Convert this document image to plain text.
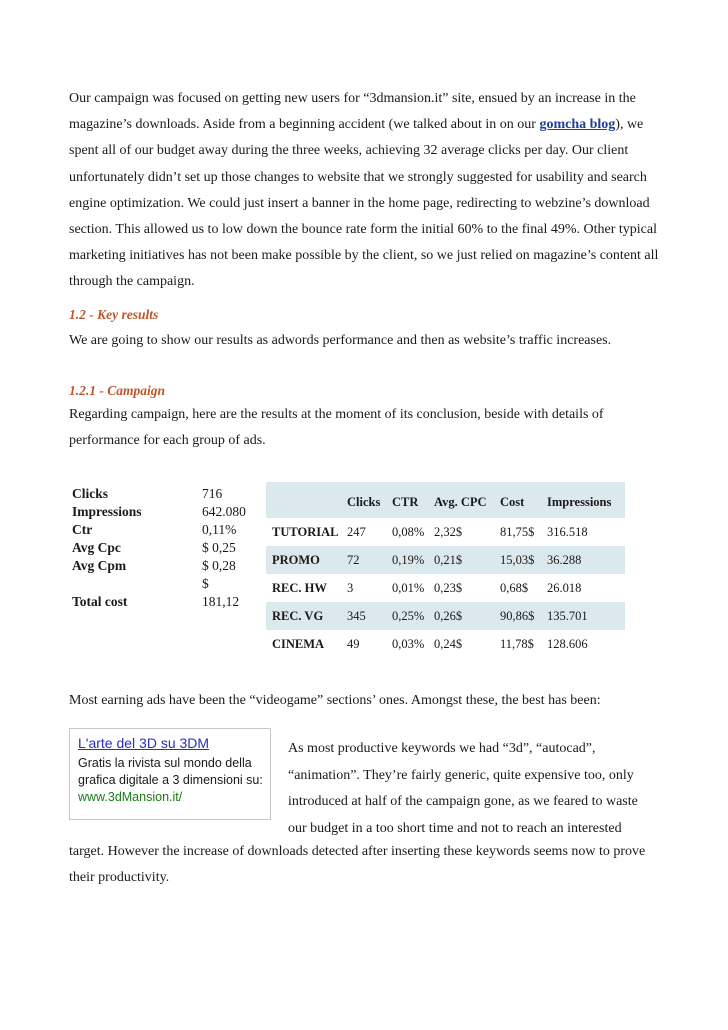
Our campaign was focused on getting new users for “3dmansion.it” site, ensued by an increase in the magazine’s downloads. Aside from a beginning accident (we talked about in on our gomcha blog), we spent all of our budget away during the three weeks, achieving 32 average clicks per day. Our client unfortunately didn’t set up those changes to website that we strongly suggested for usability and search engine optimization. We could just insert a banner in the home page, redirecting to webzine’s download section. This allowed us to low down the bounce rate form the initial 60% to the final 49%. Other typical marketing initiatives has not been make possible by the client, so we just relied on magazine’s content all through the campaign.
1.2 - Key results
We are going to show our results as adwords performance and then as website’s traffic increases.
1.2.1 - Campaign
Regarding campaign, here are the results at the moment of its conclusion, beside with details of performance for each group of ads.
Clicks	716
Impressions	642.080
Ctr	0,11%
Avg Cpc	$ 0,25
Avg Cpm	$ 0,28
$
Total cost	181,12
Clicks CTR Avg. CPC Cost Impressions
TUTORIAL 247 0,08% 2,32$	81,75$ 316.518
PROMO 72	0,19% 0,21$	15,03$ 36.288
REC. HW 3	0,01% 0,23$	0,68$ 26.018
REC. VG 345 0,25% 0,26$	90,86$ 135.701
CINEMA 49	0,03% 0,24$	11,78$ 128.606
Most earning ads have been the “videogame” sections’ ones. Amongst these, the best has been:
L'arte del 3D su 3DM
Gratis la rivista sul mondo della
grafica digitale a 3 dimensioni su:
www.3dMansion.it/
As most productive keywords we had “3d”, “autocad”, “animation”. They’re fairly generic, quite expensive too, only introduced at half of the campaign gone, as we feared to waste our budget in a too short time and not to reach an interested
target. However the increase of downloads detected after inserting these keywords seems now to prove their productivity.
